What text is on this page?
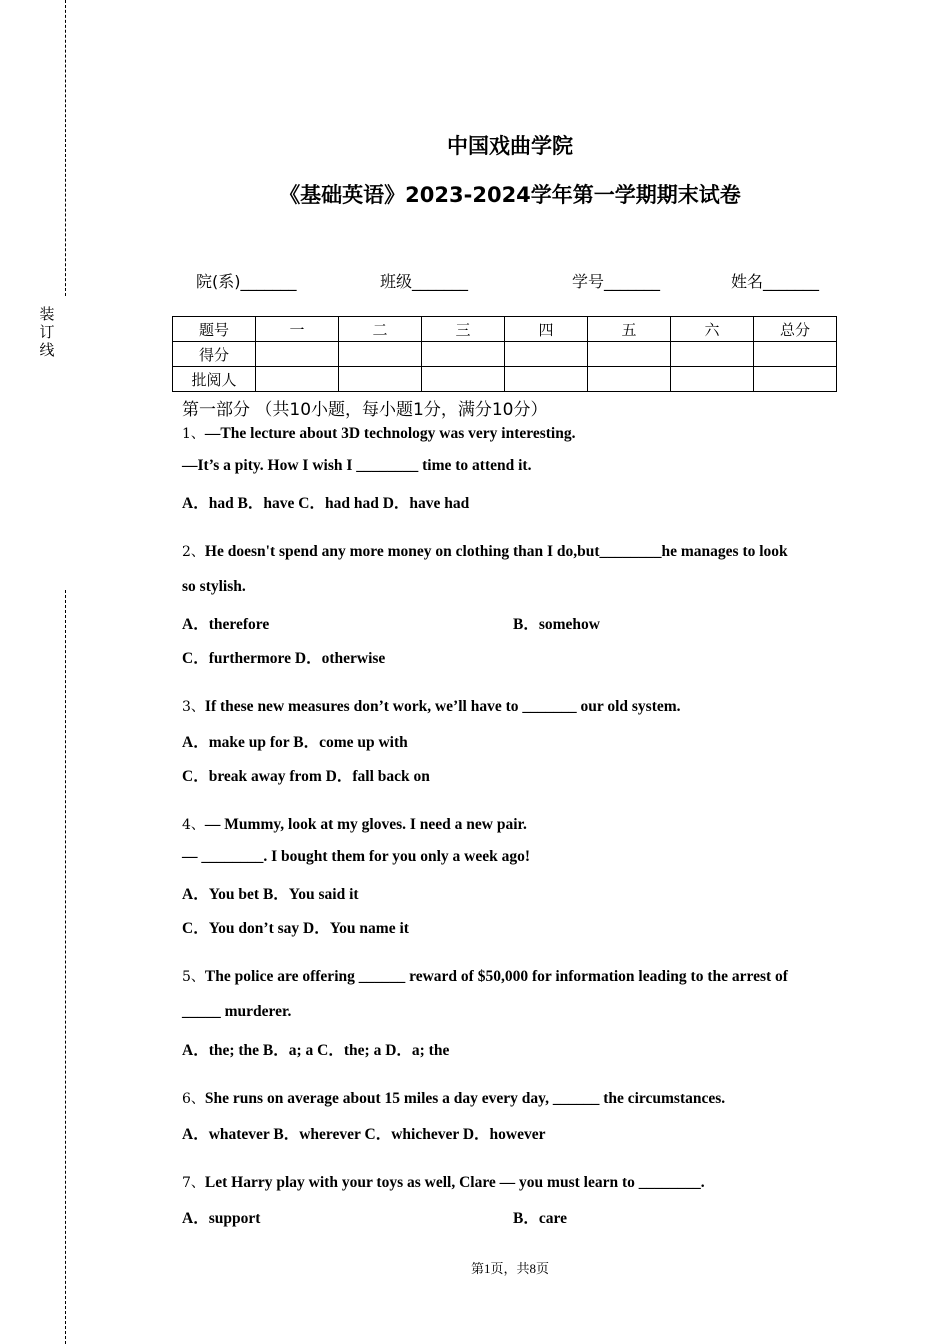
装
订
线
中国戏曲学院
《基础英语》2023-2024学年第一学期期末试卷
院(系)_______	班级_______	学号_______	姓名_______
题号	一	二	三	四	五	六	总分
得分							
批阅人							
第一部分 （共10小题，每小题1分，满分10分）
1、—The lecture about 3D technology was very interesting.
—It’s a pity. How I wish I ________ time to attend it.
A．had B．have C．had had D．have had
2、He doesn't spend any more money on clothing than I do,but________he manages to look
so stylish.
A．therefore	B．somehow
C．furthermore D．otherwise
3、If these new measures don’t work, we’ll have to _______ our old system.
A．make up for B．come up with
C．break away from D．fall back on
4、— Mummy, look at my gloves. I need a new pair.
— ________. I bought them for you only a week ago!
A．You bet B．You said it
C．You don’t say D．You name it
5、The police are offering ______ reward of $50,000 for information leading to the arrest of
_____ murderer.
A．the; the B．a; a C．the; a D．a; the
6、She runs on average about 15 miles a day every day, ______ the circumstances.
A．whatever B．wherever C．whichever D．however
7、Let Harry play with your toys as well, Clare — you must learn to ________.
A．support	B．care
第1页，共8页
